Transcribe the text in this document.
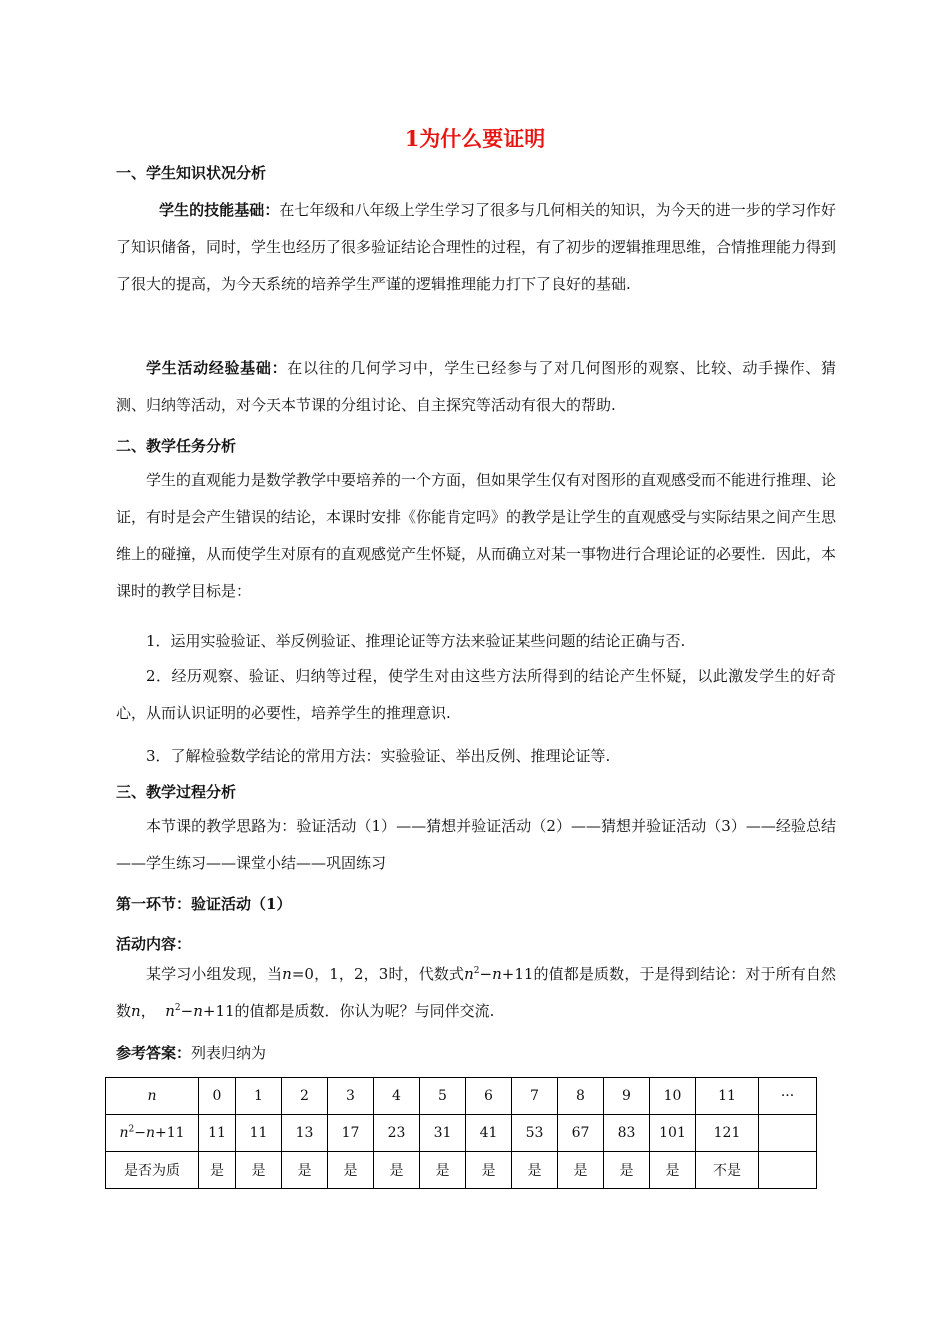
1为什么要证明
一、学生知识状况分析
学生的技能基础：在七年级和八年级上学生学习了很多与几何相关的知识，为今天的进一步的学习作好了知识储备，同时，学生也经历了很多验证结论合理性的过程，有了初步的逻辑推理思维，合情推理能力得到了很大的提高，为今天系统的培养学生严谨的逻辑推理能力打下了良好的基础.
学生活动经验基础：在以往的几何学习中，学生已经参与了对几何图形的观察、比较、动手操作、猜测、归纳等活动，对今天本节课的分组讨论、自主探究等活动有很大的帮助.
二、教学任务分析
学生的直观能力是数学教学中要培养的一个方面，但如果学生仅有对图形的直观感受而不能进行推理、论证，有时是会产生错误的结论，本课时安排《你能肯定吗》的教学是让学生的直观感受与实际结果之间产生思维上的碰撞，从而使学生对原有的直观感觉产生怀疑，从而确立对某一事物进行合理论证的必要性．因此，本课时的教学目标是：
1．运用实验验证、举反例验证、推理论证等方法来验证某些问题的结论正确与否.
2．经历观察、验证、归纳等过程，使学生对由这些方法所得到的结论产生怀疑，以此激发学生的好奇心，从而认识证明的必要性，培养学生的推理意识.
3．了解检验数学结论的常用方法：实验验证、举出反例、推理论证等.
三、教学过程分析
本节课的教学思路为：验证活动（1）——猜想并验证活动（2）——猜想并验证活动（3）——经验总结——学生练习——课堂小结——巩固练习
第一环节：验证活动（1）
活动内容：
某学习小组发现，当n=0，1，2，3时，代数式$n^2-n+11$的值都是质数，于是得到结论：对于所有自然数n， $n^2-n+11$的值都是质数．你认为呢？与同伴交流.
参考答案：列表归纳为
n	0	1	2	3	4	5	6	7	8	9	10	11	···
$n^2-n+11$	11	11	13	17	23	31	41	53	67	83	101	121	
是否为质	是	是	是	是	是	是	是	是	是	是	是	不是	
